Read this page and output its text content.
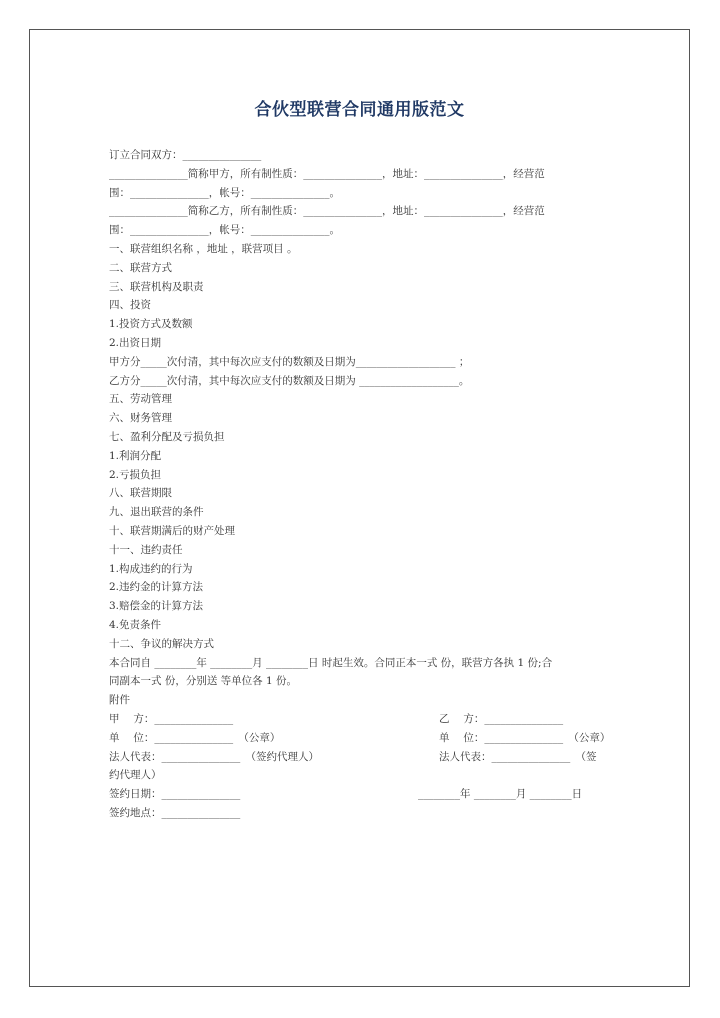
合伙型联营合同通用版范文
订立合同双方：_______________
_______________简称甲方，所有制性质：_______________，地址：_______________，经营范
围：_______________，帐号：_______________。
_______________简称乙方，所有制性质：_______________，地址：_______________，经营范
围：_______________，帐号：_______________。
一、联营组织名称 ，地址 ，联营项目 。
二、联营方式
三、联营机构及职责
四、投资
1.投资方式及数额
2.出资日期
甲方分_____次付清，其中每次应支付的数额及日期为___________________ ；
乙方分_____次付清，其中每次应支付的数额及日期为 ___________________。
五、劳动管理
六、财务管理
七、盈利分配及亏损负担
1.利润分配
2.亏损负担
八、联营期限
九、退出联营的条件
十、联营期满后的财产处理
十一、违约责任
1.构成违约的行为
2.违约金的计算方法
3.赔偿金的计算方法
4.免责条件
十二、争议的解决方式
本合同自 ________年 ________月 ________日 时起生效。合同正本一式 份，联营方各执 1 份;合
同副本一式 份，分别送 等单位各 1 份。
附件
甲　 方：_______________	乙　 方：_______________
单　 位：_______________　（公章）	单　 位：_______________　（公章）
法人代表：_______________　（签约代理人）	法人代表：_______________　（签
约代理人）
签约日期：_______________	________年 ________月 ________日
签约地点：_______________
